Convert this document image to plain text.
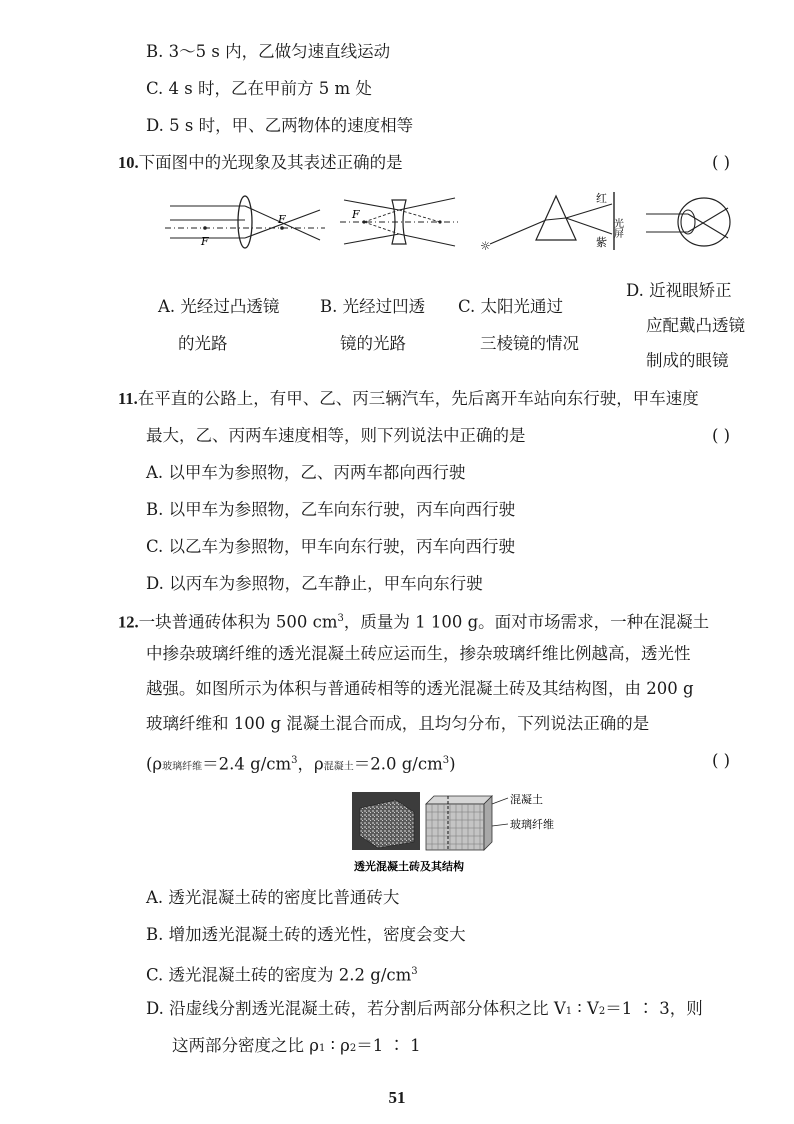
B. 3～5 s 内，乙做匀速直线运动
C. 4 s 时，乙在甲前方 5 m 处
D. 5 s 时，甲、乙两物体的速度相等
10.下面图中的光现象及其表述正确的是	( )
F
F	F
☼
红
紫
光屏
A. 光经过凸透镜
的光路
B. 光经过凹透
镜的光路
C. 太阳光通过
三棱镜的情况
D. 近视眼矫正
应配戴凸透镜
制成的眼镜
11.在平直的公路上，有甲、乙、丙三辆汽车，先后离开车站向东行驶，甲车速度
最大，乙、丙两车速度相等，则下列说法中正确的是	( )
A. 以甲车为参照物，乙、丙两车都向西行驶
B. 以甲车为参照物，乙车向东行驶，丙车向西行驶
C. 以乙车为参照物，甲车向东行驶，丙车向西行驶
D. 以丙车为参照物，乙车静止，甲车向东行驶
12.一块普通砖体积为 500 $cm^3$，质量为 1 100 g。面对市场需求，一种在混凝土
中掺杂玻璃纤维的透光混凝土砖应运而生，掺杂玻璃纤维比例越高，透光性
越强。如图所示为体积与普通砖相等的透光混凝土砖及其结构图，由 200 g
玻璃纤维和 100 g 混凝土混合而成，且均匀分布，下列说法正确的是
(ρ玻璃纤维＝2.4 $g/cm^3$，ρ混凝土＝2.0 $g/cm^3$)	( )
混凝土
玻璃纤维
透光混凝土砖及其结构
A. 透光混凝土砖的密度比普通砖大
B. 增加透光混凝土砖的透光性，密度会变大
C. 透光混凝土砖的密度为 2.2 $g/cm^3$
D. 沿虚线分割透光混凝土砖，若分割后两部分体积之比 V1 ∶ V2＝1 ∶ 3，则
这两部分密度之比 ρ1 ∶ ρ2＝1 ∶ 1
51
